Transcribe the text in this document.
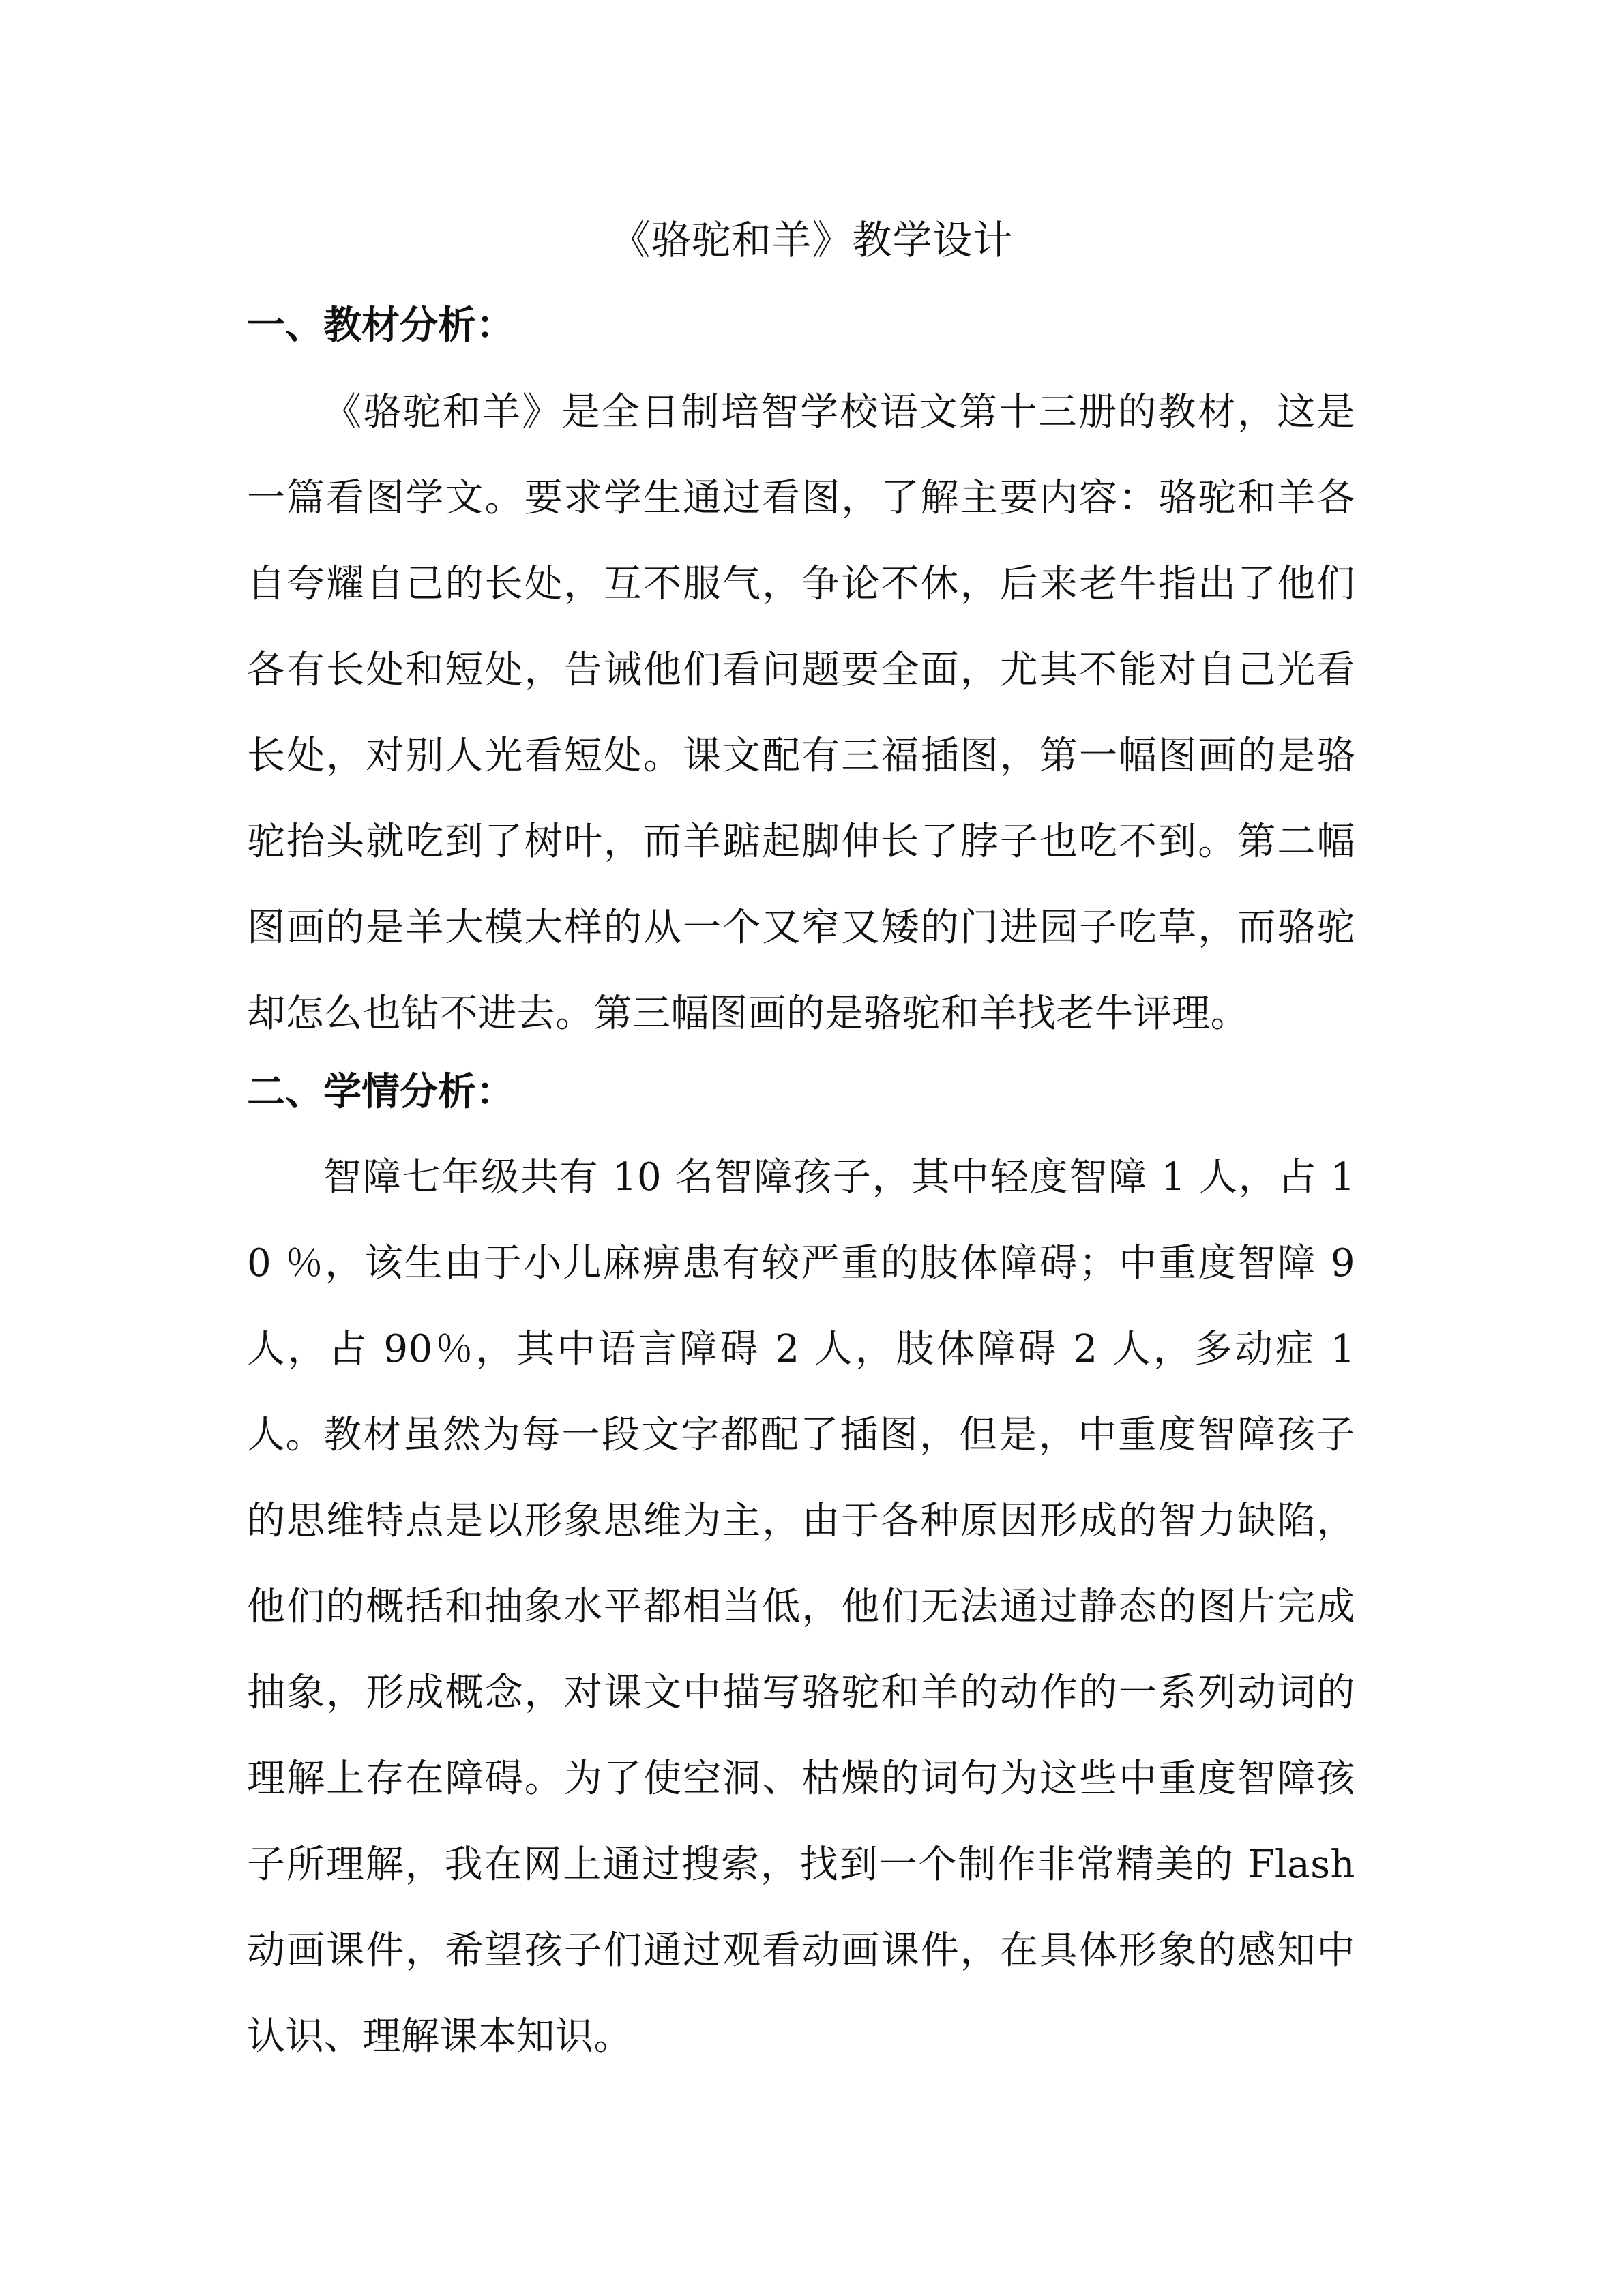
《骆驼和羊》教学设计
一、教材分析：
《骆驼和羊》是全日制培智学校语文第十三册的教材，这是一篇看图学文。要求学生通过看图，了解主要内容：骆驼和羊各自夸耀自己的长处，互不服气，争论不休，后来老牛指出了他们各有长处和短处，告诫他们看问题要全面，尤其不能对自己光看长处，对别人光看短处。课文配有三福插图，第一幅图画的是骆驼抬头就吃到了树叶，而羊踮起脚伸长了脖子也吃不到。第二幅图画的是羊大模大样的从一个又窄又矮的门进园子吃草，而骆驼却怎么也钻不进去。第三幅图画的是骆驼和羊找老牛评理。
二、学情分析：
智障七年级共有 10 名智障孩子，其中轻度智障 1 人，占 10 ％，该生由于小儿麻痹患有较严重的肢体障碍；中重度智障 9 人，占 90％，其中语言障碍 2 人，肢体障碍 2 人，多动症 1 人。 教材虽然为每一段文字都配了插图，但是，中重度智障孩子的思维特点是以形象思维为主，由于各种原因形成的智力缺陷，他们的概括和抽象水平都相当低，他们无法通过静态的图片完成抽象，形成概念，对课文中描写骆驼和羊的动作的一系列动词的理解上存在障碍。为了使空洞、枯燥的词句为这些中重度智障孩子所理解，我在网上通过搜索，找到一个制作非常精美的 Flash 动画课件，希望孩子们通过观看动画课件，在具体形象的感知中认识、理解课本知识。
